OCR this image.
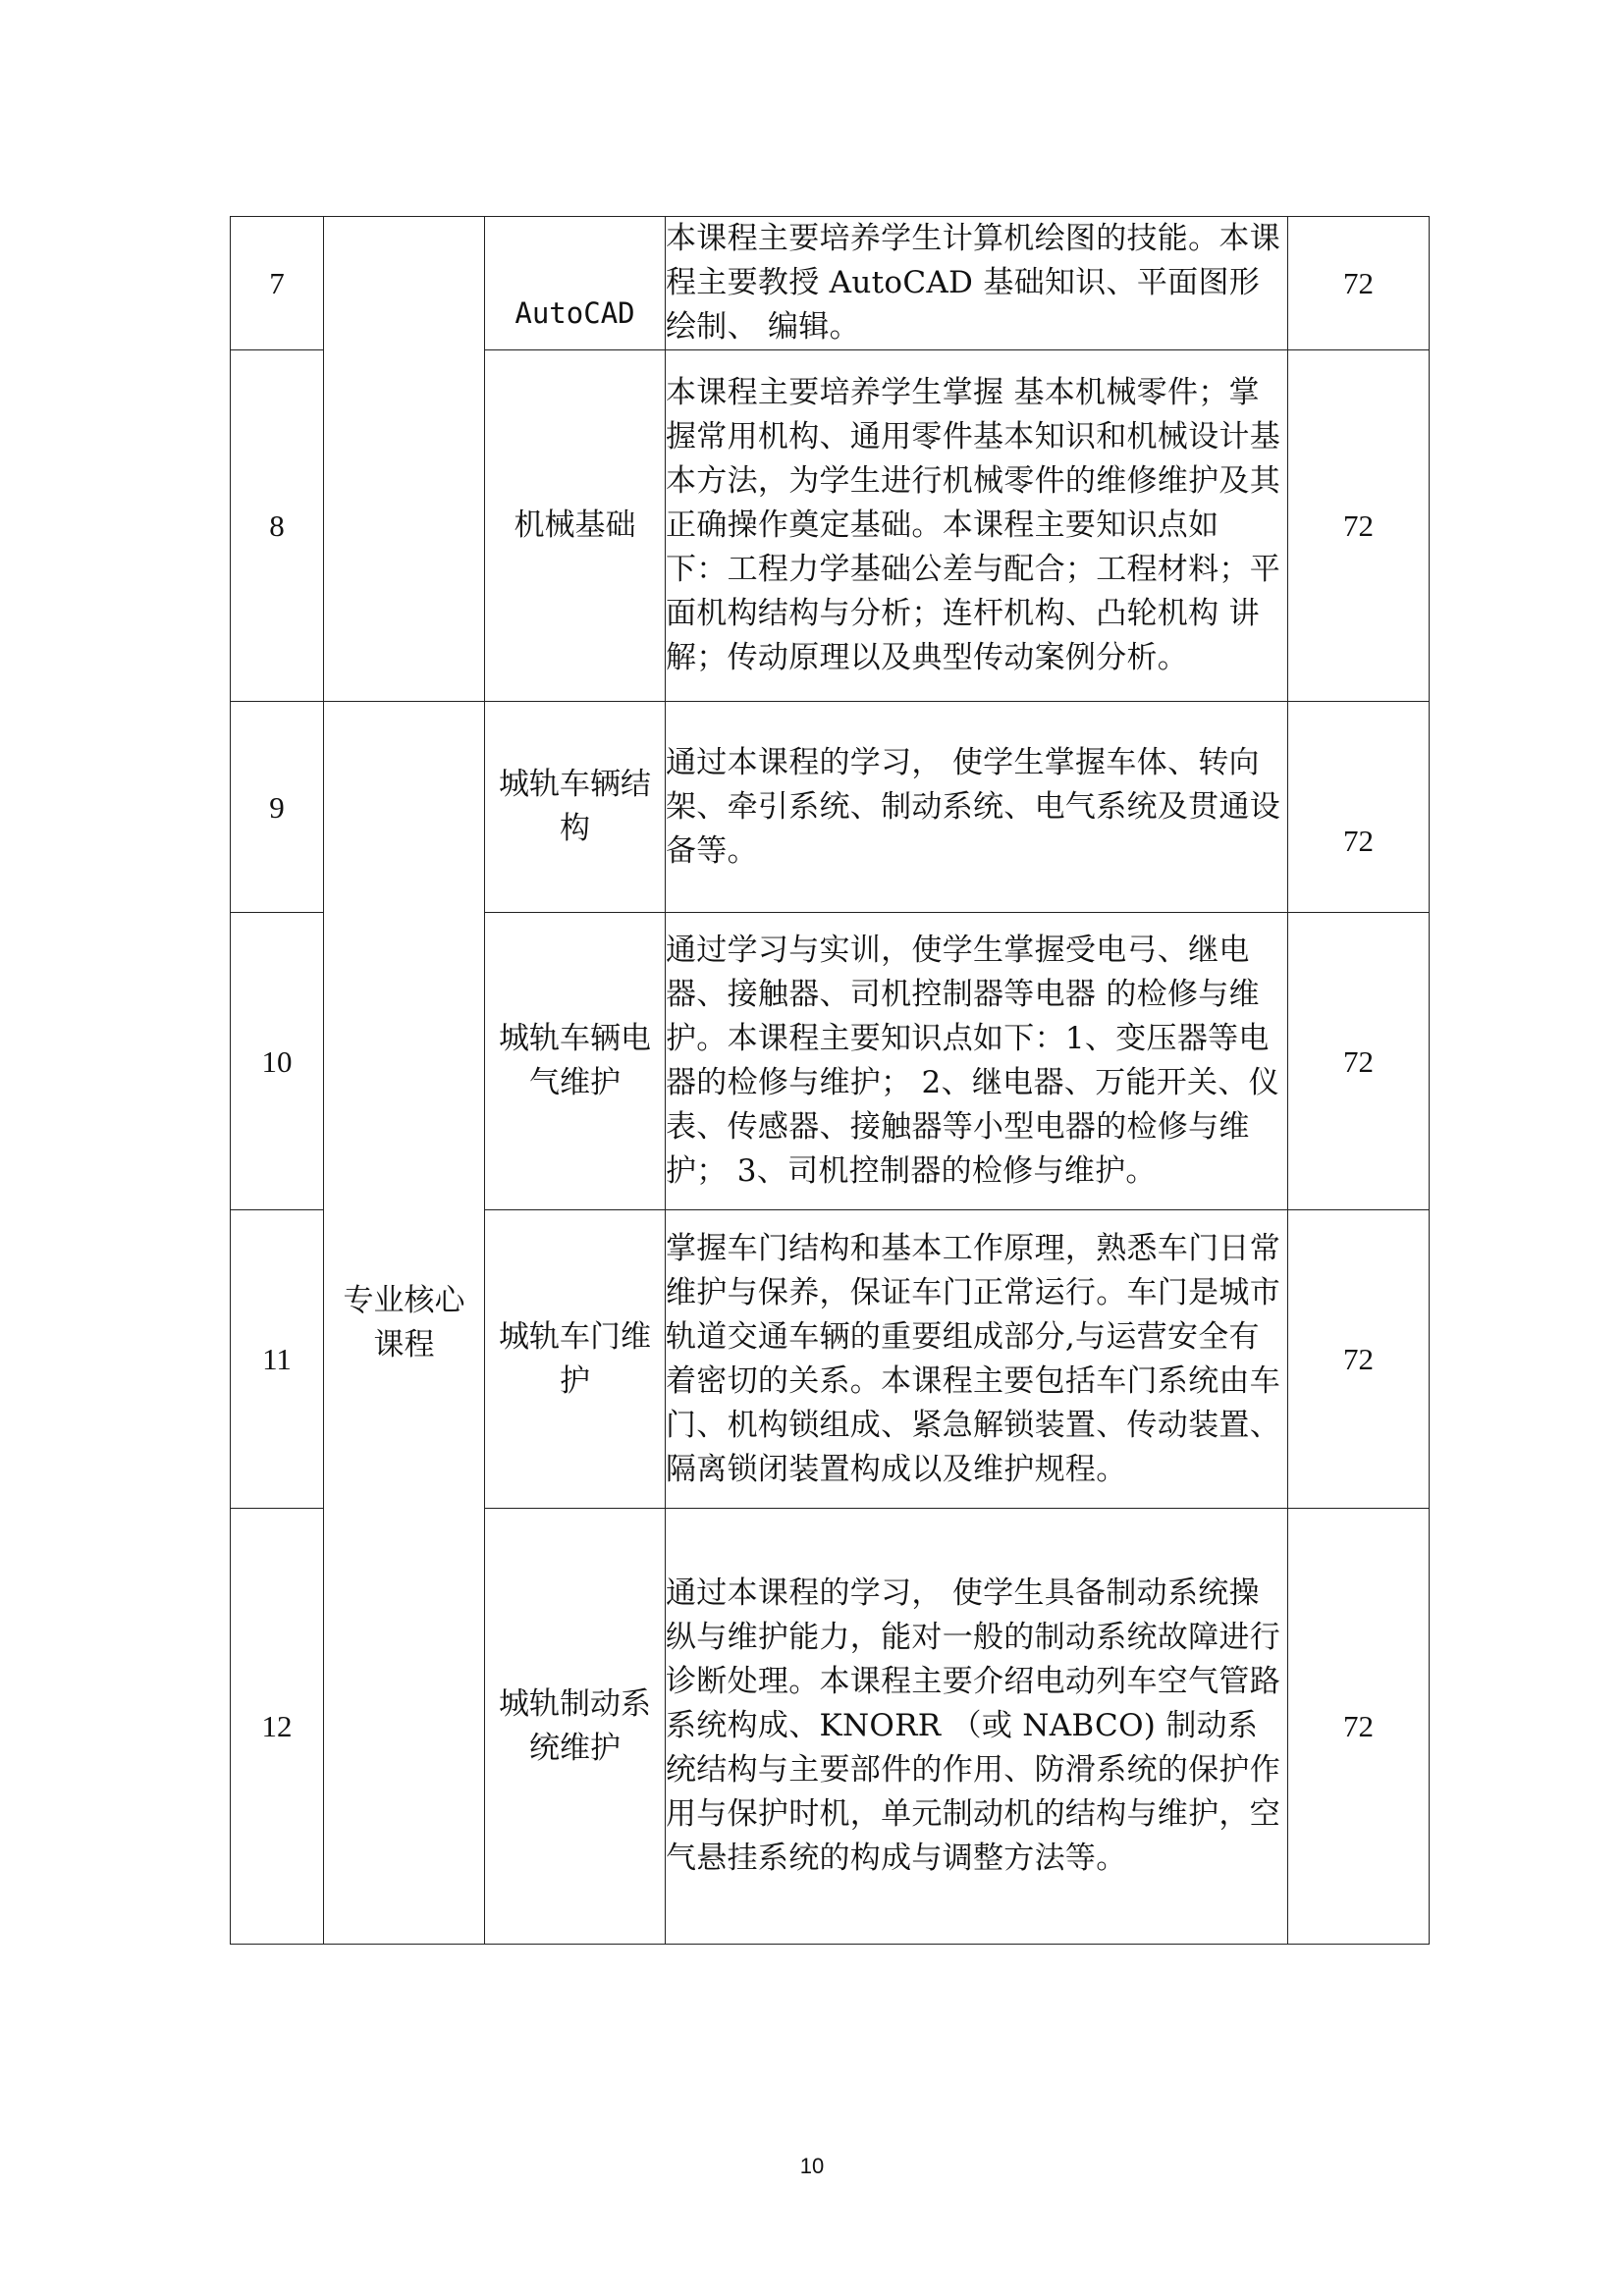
7		AutoCAD	本课程主要培养学生计算机绘图的技能。本课程主要教授 AutoCAD 基础知识、平面图形绘制、 编辑。	72
8		机械基础	本课程主要培养学生掌握 基本机械零件；掌握常用机构、通用零件基本知识和机械设计基本方法，为学生进行机械零件的维修维护及其正确操作奠定基础。本课程主要知识点如 下：工程力学基础公差与配合；工程材料；平面机构结构与分析；连杆机构、凸轮机构 讲解；传动原理以及典型传动案例分析。	72
9	专业核心课程	城轨车辆结构	通过本课程的学习， 使学生掌握车体、转向架、牵引系统、制动系统、电气系统及贯通设备等。	72
10		城轨车辆电气维护	通过学习与实训，使学生掌握受电弓、继电器、接触器、司机控制器等电器 的检修与维护。本课程主要知识点如下：1、变压器等电器的检修与维护； 2、继电器、万能开关、仪表、传感器、接触器等小型电器的检修与维护； 3、司机控制器的检修与维护。	72
11		城轨车门维护	掌握车门结构和基本工作原理，熟悉车门日常维护与保养，保证车门正常运行。车门是城市轨道交通车辆的重要组成部分,与运营安全有着密切的关系。本课程主要包括车门系统由车门、机构锁组成、紧急解锁装置、传动装置、隔离锁闭装置构成以及维护规程。	72
12		城轨制动系统维护	通过本课程的学习， 使学生具备制动系统操纵与维护能力，能对一般的制动系统故障进行诊断处理。本课程主要介绍电动列车空气管路系统构成、KNORR （或 NABCO) 制动系统结构与主要部件的作用、防滑系统的保护作用与保护时机，单元制动机的结构与维护，空气悬挂系统的构成与调整方法等。	72
10
